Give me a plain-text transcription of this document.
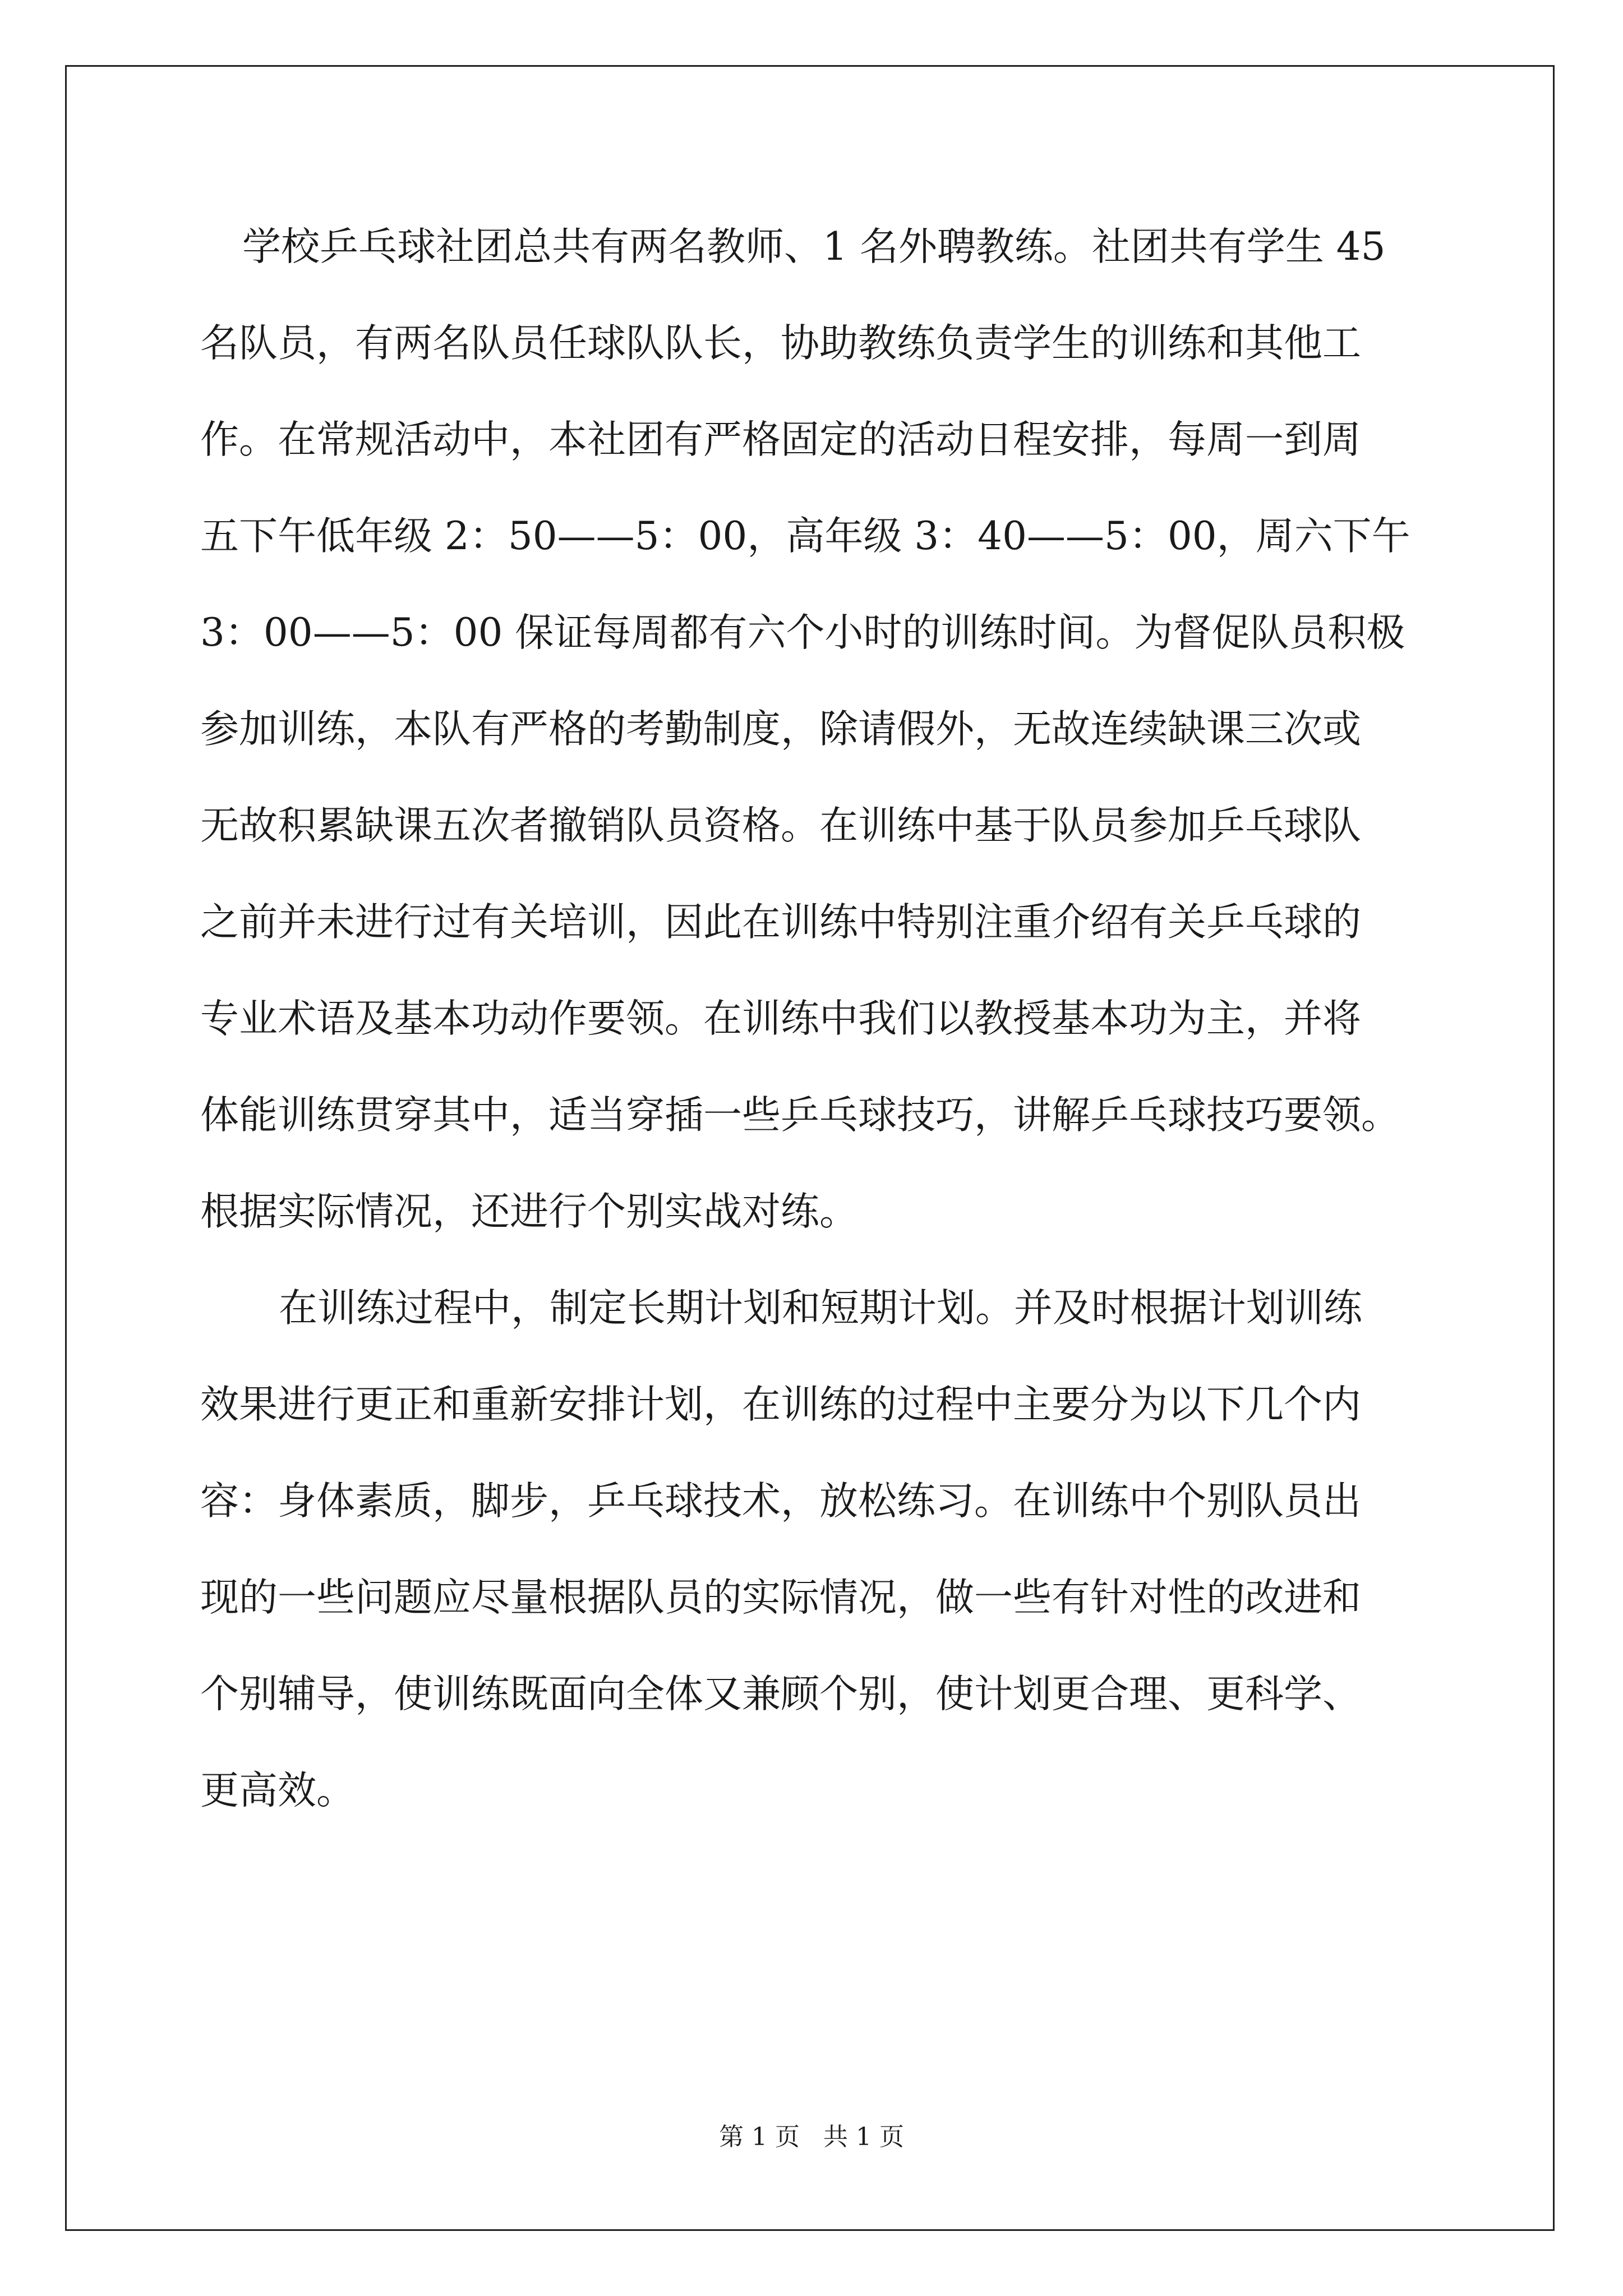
学校乒乓球社团总共有两名教师、1 名外聘教练。社团共有学生 45
名队员，有两名队员任球队队长，协助教练负责学生的训练和其他工
作。在常规活动中，本社团有严格固定的活动日程安排，每周一到周
五下午低年级 2：50——5：00，高年级 3：40——5：00，周六下午
3：00——5：00 保证每周都有六个小时的训练时间。为督促队员积极
参加训练，本队有严格的考勤制度，除请假外，无故连续缺课三次或
无故积累缺课五次者撤销队员资格。在训练中基于队员参加乒乓球队
之前并未进行过有关培训，因此在训练中特别注重介绍有关乒乓球的
专业术语及基本功动作要领。在训练中我们以教授基本功为主，并将
体能训练贯穿其中，适当穿插一些乒乓球技巧，讲解乒乓球技巧要领。
根据实际情况，还进行个别实战对练。
在训练过程中，制定长期计划和短期计划。并及时根据计划训练
效果进行更正和重新安排计划，在训练的过程中主要分为以下几个内
容：身体素质，脚步，乒乓球技术，放松练习。在训练中个别队员出
现的一些问题应尽量根据队员的实际情况，做一些有针对性的改进和
个别辅导，使训练既面向全体又兼顾个别，使计划更合理、更科学、
更高效。
第 1 页   共 1 页
